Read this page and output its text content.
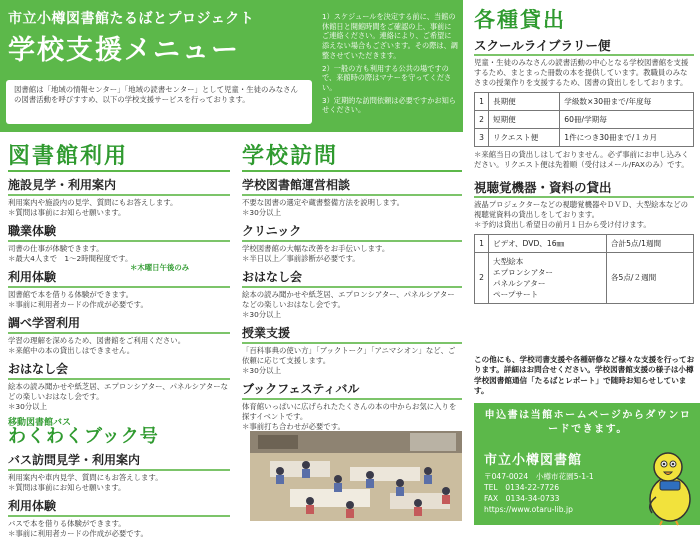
市立小樽図書館たるばとプロジェクト
学校支援メニュー

1）スケジュールを決定する前に、当館の休館日と開館時間をご確認の上、事前にご連絡ください。連絡により、ご希望に添えない場合もございます。その際は、調整させていただきます。

2）一般の方も利用する公共の場ですので、来館時の際はマナーを守ってください。

3）定期的な訪問依頼は必要ですかお知らせください。

図書館は「地域の情報センター」「地域の読書センター」として児童・生徒のみなさんの図書活動を呼びすすめ、以下の学校支援サービスを行っております。
図書館利用
施設見学・利用案内
利用案内や施設内の見学、質問にもお答えします。
＊質問は事前にお知らせ願います。
職業体験
司書の仕事が体験できます。
＊最大4人まで　1～2時間程度です。
利用体験
図書館で本を借りる体験ができます。
＊事前に利用者カードの作成が必要です。
調べ学習利用
学習の理解を深めるため、図書館をご利用ください。
＊来館中の本の貸出しはできません。
おはなし会
絵本の読み聞かせや紙芝居、エプロンシアター、パネルシアターなどの楽しいおはなし会です。
＊30分以上
移動図書館バス
わくわくブック号
バス訪問見学・利用案内
利用案内や車内見学、質問にもお答えします。
＊質問は事前にお知らせ願います。
利用体験
バスで本を借りる体験ができます。
＊事前に利用者カードの作成が必要です。
＊木曜日午後のみ
学校訪問
学校図書館運営相談
不要な図書の選定や蔵書整備方法を説明します。
＊30分以上
クリニック
学校図書館の大幅な改善をお手伝いします。
＊半日以上／事前診断が必要です。
おはなし会
絵本の読み聞かせや紙芝居、エプロンシアター、パネルシアターなどの楽しいおはなし会です。
＊30分以上
授業支援
「百科事典の使い方」「ブックトーク」「アニマシオン」など、ご依頼に応じて支援します。
＊30分以上
ブックフェスティバル
体育館いっぱいに広げられたたくさんの本の中からお気に入りを探すイベントです。
＊事前打ち合わせが必要です。
各種貸出
スクールライブラリー便
児童・生徒のみなさんの読書活動の中心となる学校図書館を支援するため、まとまった冊数の本を提供しています。教職員のみなさまの授業作りを支援するため、図書の貸出しをしております。
1	長期便	学級数×30冊まで/年度毎
2	短期便	60冊/学期毎
3	リクエスト便	1件につき30冊まで/１カ月
＊来館当日の貸出しはしておりません。必ず事前にお申し込みください。リクエスト便は先着順（受付はメール/FAXのみ）です。
視聴覚機器・資料の貸出
液晶プロジェクターなどの視聴覚機器やＤＶＤ、大型絵本などの視聴覚資料の貸出しをしております。
＊予約は貸出し希望日の前月１日から受け付けます。
1	ビデオ、DVD、16㎜	合計5点/1週間
2	大型絵本
エプロンシアター
パネルシアター
ペープサート	各5点/２週間
この他にも、学校司書支援や各種研修など様々な支援を行っております。詳細はお問合せください。学校図書館支援の様子は小樽学校図書館通信「たるばとレポート」で随時お知らせしています。
申込書は当館ホームページからダウンロードできます。
市立小樽図書館
〒047-0024　小樽市花園5-1-1
TEL　0134-22-7726
FAX　0134-34-0733
https://www.otaru-lib.jp
